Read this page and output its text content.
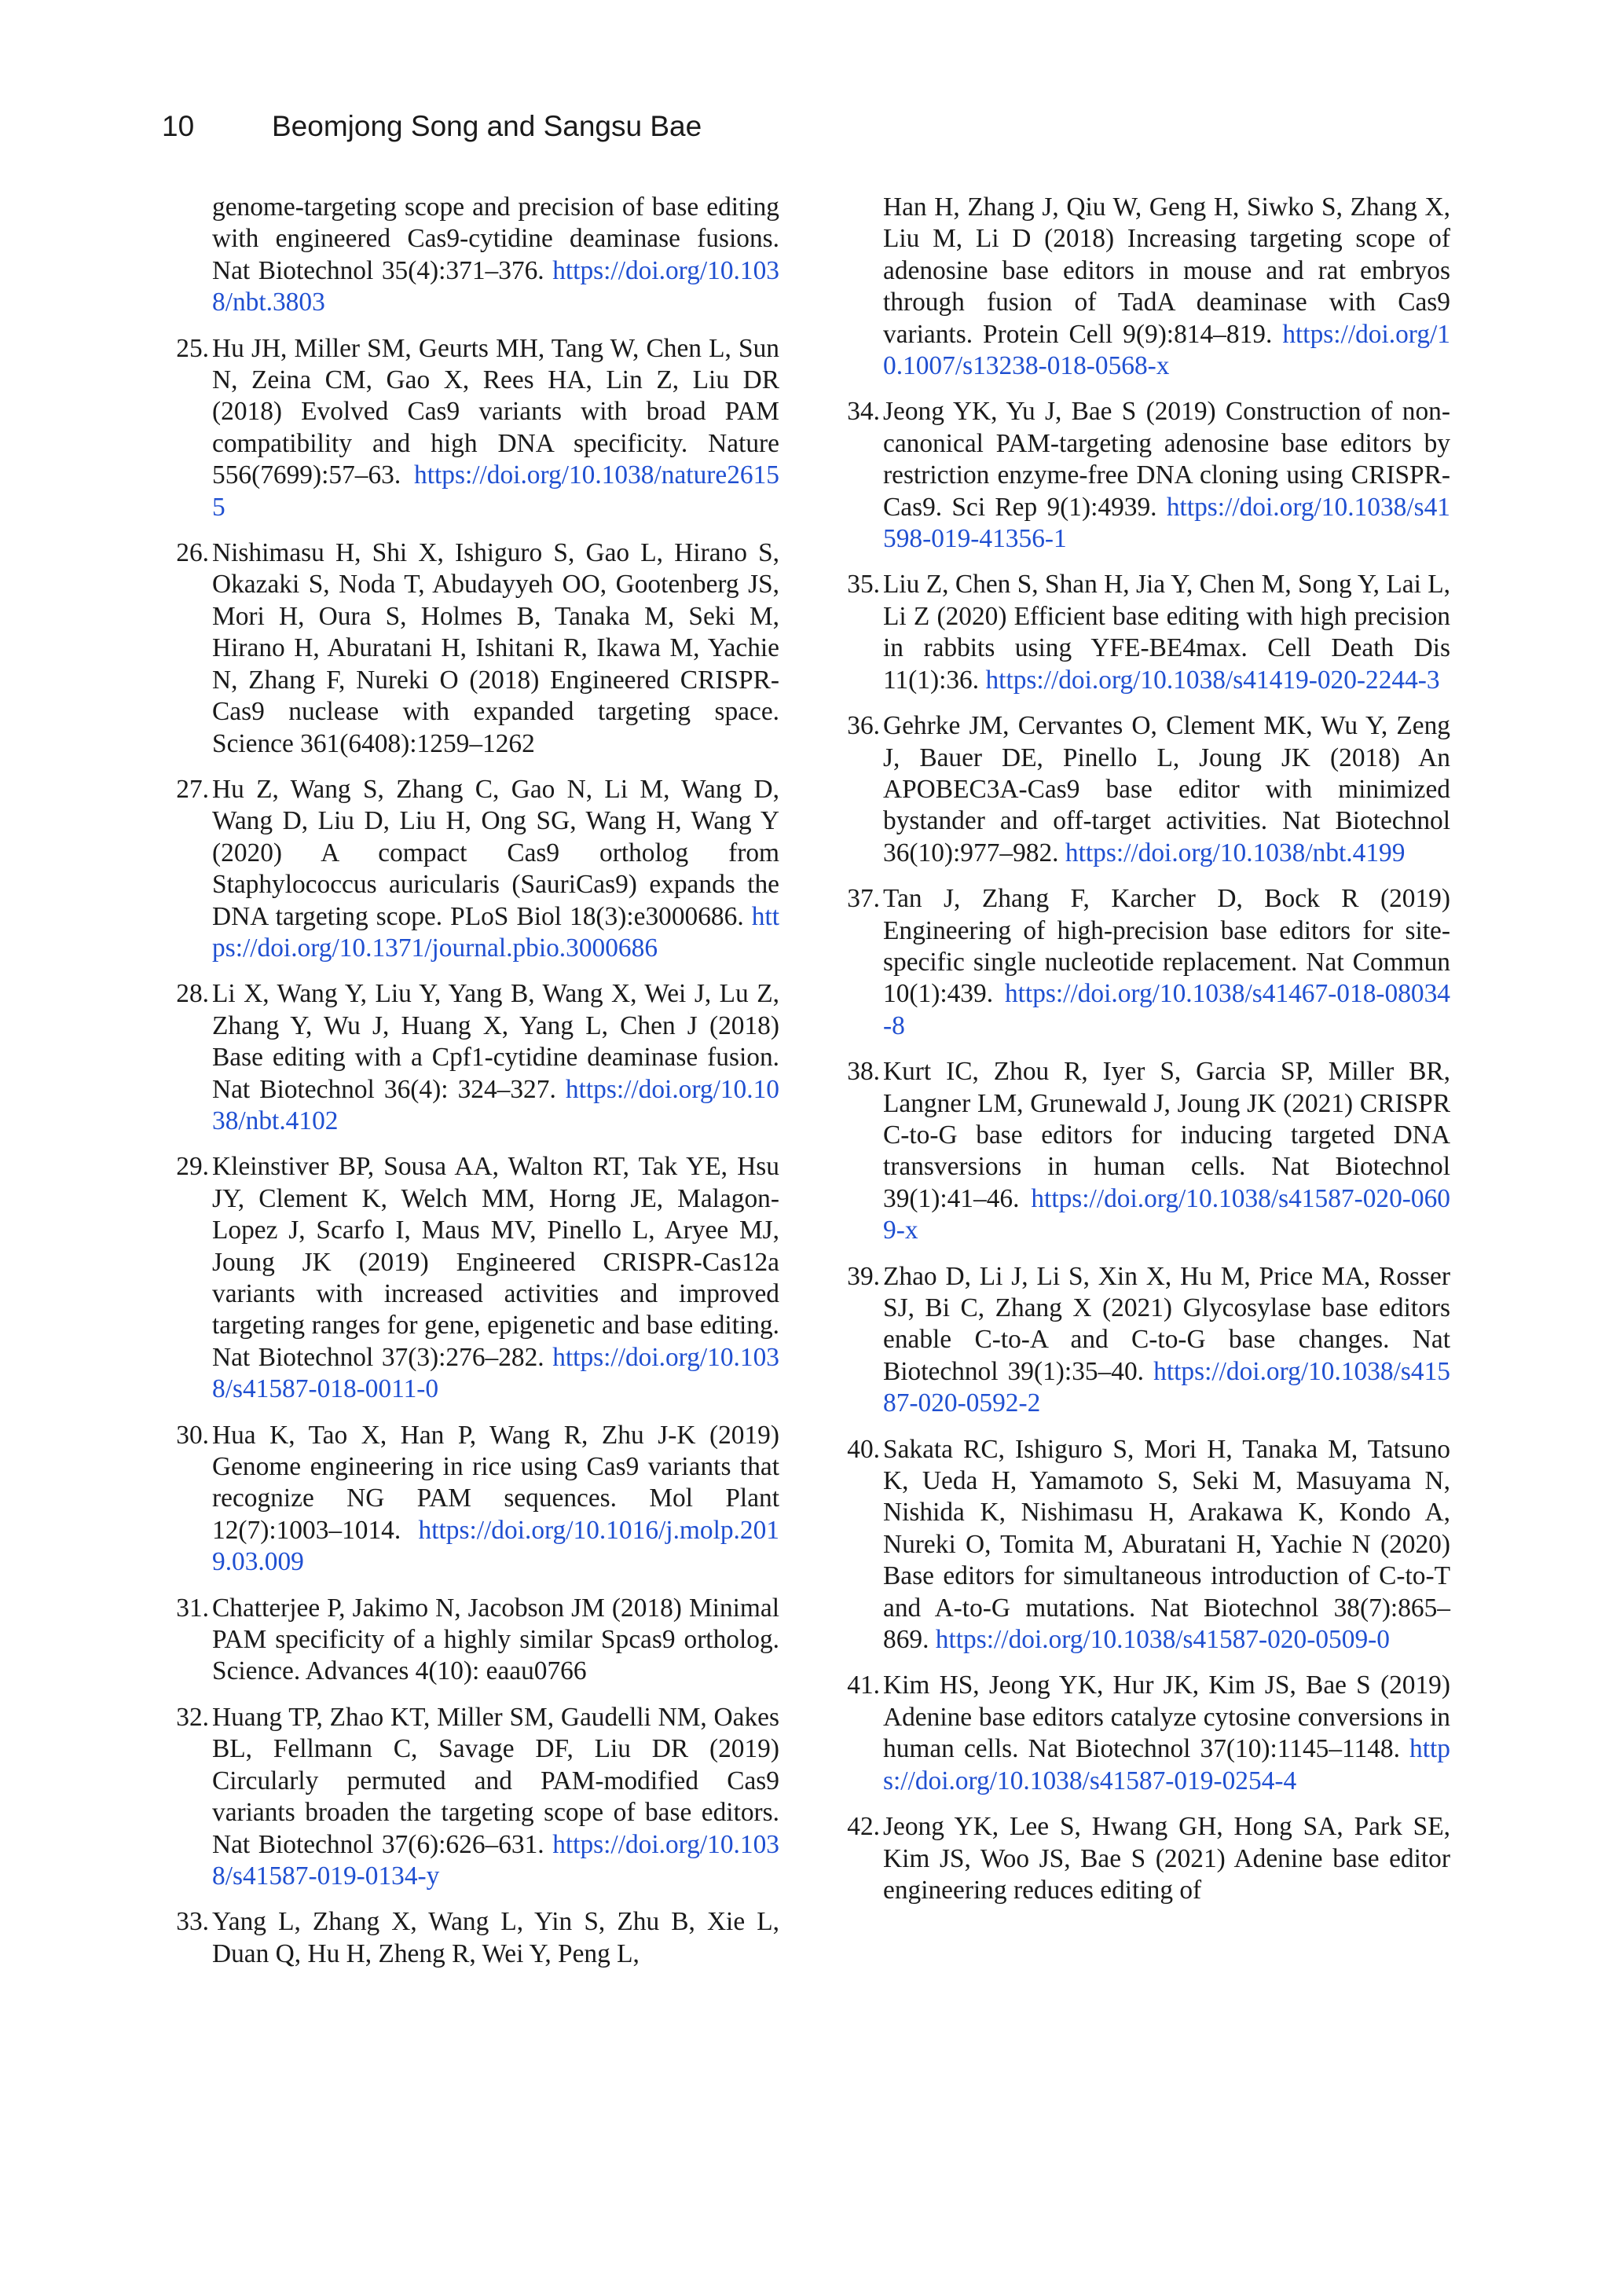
10	Beomjong Song and Sangsu Bae
genome-targeting scope and precision of base editing with engineered Cas9-cytidine deaminase fusions. Nat Biotechnol 35(4):371–376. https://doi.org/10.1038/nbt.3803
25. Hu JH, Miller SM, Geurts MH, Tang W, Chen L, Sun N, Zeina CM, Gao X, Rees HA, Lin Z, Liu DR (2018) Evolved Cas9 variants with broad PAM compatibility and high DNA specificity. Nature 556(7699):57–63. https://doi.org/10.1038/nature26155
26. Nishimasu H, Shi X, Ishiguro S, Gao L, Hirano S, Okazaki S, Noda T, Abudayyeh OO, Gootenberg JS, Mori H, Oura S, Holmes B, Tanaka M, Seki M, Hirano H, Aburatani H, Ishitani R, Ikawa M, Yachie N, Zhang F, Nureki O (2018) Engineered CRISPR-Cas9 nuclease with expanded targeting space. Science 361(6408):1259–1262
27. Hu Z, Wang S, Zhang C, Gao N, Li M, Wang D, Wang D, Liu D, Liu H, Ong SG, Wang H, Wang Y (2020) A compact Cas9 ortholog from Staphylococcus auricularis (SauriCas9) expands the DNA targeting scope. PLoS Biol 18(3):e3000686. https://doi.org/10.1371/journal.pbio.3000686
28. Li X, Wang Y, Liu Y, Yang B, Wang X, Wei J, Lu Z, Zhang Y, Wu J, Huang X, Yang L, Chen J (2018) Base editing with a Cpf1-cytidine deaminase fusion. Nat Biotechnol 36(4): 324–327. https://doi.org/10.1038/nbt.4102
29. Kleinstiver BP, Sousa AA, Walton RT, Tak YE, Hsu JY, Clement K, Welch MM, Horng JE, Malagon-Lopez J, Scarfo I, Maus MV, Pinello L, Aryee MJ, Joung JK (2019) Engineered CRISPR-Cas12a variants with increased activities and improved targeting ranges for gene, epigenetic and base editing. Nat Biotechnol 37(3):276–282. https://doi.org/10.1038/s41587-018-0011-0
30. Hua K, Tao X, Han P, Wang R, Zhu J-K (2019) Genome engineering in rice using Cas9 variants that recognize NG PAM sequences. Mol Plant 12(7):1003–1014. https://doi.org/10.1016/j.molp.2019.03.009
31. Chatterjee P, Jakimo N, Jacobson JM (2018) Minimal PAM specificity of a highly similar Spcas9 ortholog. Science. Advances 4(10): eaau0766
32. Huang TP, Zhao KT, Miller SM, Gaudelli NM, Oakes BL, Fellmann C, Savage DF, Liu DR (2019) Circularly permuted and PAM-modified Cas9 variants broaden the targeting scope of base editors. Nat Biotechnol 37(6):626–631. https://doi.org/10.1038/s41587-019-0134-y
33. Yang L, Zhang X, Wang L, Yin S, Zhu B, Xie L, Duan Q, Hu H, Zheng R, Wei Y, Peng L,
Han H, Zhang J, Qiu W, Geng H, Siwko S, Zhang X, Liu M, Li D (2018) Increasing targeting scope of adenosine base editors in mouse and rat embryos through fusion of TadA deaminase with Cas9 variants. Protein Cell 9(9):814–819. https://doi.org/10.1007/s13238-018-0568-x
34. Jeong YK, Yu J, Bae S (2019) Construction of non-canonical PAM-targeting adenosine base editors by restriction enzyme-free DNA cloning using CRISPR-Cas9. Sci Rep 9(1):4939. https://doi.org/10.1038/s41598-019-41356-1
35. Liu Z, Chen S, Shan H, Jia Y, Chen M, Song Y, Lai L, Li Z (2020) Efficient base editing with high precision in rabbits using YFE-BE4max. Cell Death Dis 11(1):36. https://doi.org/10.1038/s41419-020-2244-3
36. Gehrke JM, Cervantes O, Clement MK, Wu Y, Zeng J, Bauer DE, Pinello L, Joung JK (2018) An APOBEC3A-Cas9 base editor with minimized bystander and off-target activities. Nat Biotechnol 36(10):977–982. https://doi.org/10.1038/nbt.4199
37. Tan J, Zhang F, Karcher D, Bock R (2019) Engineering of high-precision base editors for site-specific single nucleotide replacement. Nat Commun 10(1):439. https://doi.org/10.1038/s41467-018-08034-8
38. Kurt IC, Zhou R, Iyer S, Garcia SP, Miller BR, Langner LM, Grunewald J, Joung JK (2021) CRISPR C-to-G base editors for inducing targeted DNA transversions in human cells. Nat Biotechnol 39(1):41–46. https://doi.org/10.1038/s41587-020-0609-x
39. Zhao D, Li J, Li S, Xin X, Hu M, Price MA, Rosser SJ, Bi C, Zhang X (2021) Glycosylase base editors enable C-to-A and C-to-G base changes. Nat Biotechnol 39(1):35–40. https://doi.org/10.1038/s41587-020-0592-2
40. Sakata RC, Ishiguro S, Mori H, Tanaka M, Tatsuno K, Ueda H, Yamamoto S, Seki M, Masuyama N, Nishida K, Nishimasu H, Arakawa K, Kondo A, Nureki O, Tomita M, Aburatani H, Yachie N (2020) Base editors for simultaneous introduction of C-to-T and A-to-G mutations. Nat Biotechnol 38(7):865–869. https://doi.org/10.1038/s41587-020-0509-0
41. Kim HS, Jeong YK, Hur JK, Kim JS, Bae S (2019) Adenine base editors catalyze cytosine conversions in human cells. Nat Biotechnol 37(10):1145–1148. https://doi.org/10.1038/s41587-019-0254-4
42. Jeong YK, Lee S, Hwang GH, Hong SA, Park SE, Kim JS, Woo JS, Bae S (2021) Adenine base editor engineering reduces editing of
